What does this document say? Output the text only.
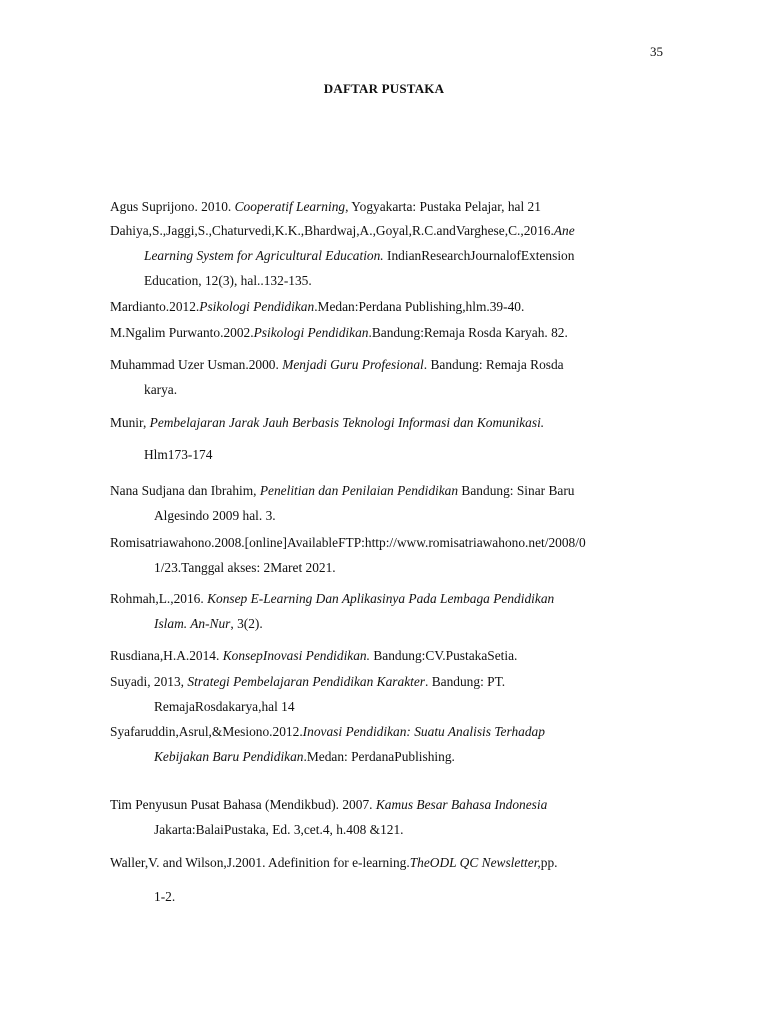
35
DAFTAR PUSTAKA
Agus Suprijono. 2010. Cooperatif Learning, Yogyakarta: Pustaka Pelajar, hal 21
Dahiya,S.,Jaggi,S.,Chaturvedi,K.K.,Bhardwaj,A.,Goyal,R.C.andVarghese,C.,2016.Ane
Learning System for Agricultural Education. IndianResearchJournalofExtension
Education, 12(3), hal..132-135.
Mardianto.2012.Psikologi Pendidikan.Medan:Perdana Publishing,hlm.39-40.
M.Ngalim Purwanto.2002.Psikologi Pendidikan.Bandung:Remaja Rosda Karyah. 82.
Muhammad Uzer Usman.2000. Menjadi Guru Profesional. Bandung: Remaja Rosda
karya.
Munir, Pembelajaran Jarak Jauh Berbasis Teknologi Informasi dan Komunikasi.
Hlm173-174
Nana Sudjana dan Ibrahim, Penelitian dan Penilaian Pendidikan Bandung: Sinar Baru
Algesindo 2009 hal. 3.
Romisatriawahono.2008.[online]AvailableFTP:http://www.romisatriawahono.net/2008/0
1/23.Tanggal akses: 2Maret 2021.
Rohmah,L.,2016. Konsep E-Learning Dan Aplikasinya Pada Lembaga Pendidikan
Islam. An-Nur, 3(2).
Rusdiana,H.A.2014. KonsepInovasi Pendidikan. Bandung:CV.PustakaSetia.
Suyadi, 2013, Strategi Pembelajaran Pendidikan Karakter. Bandung: PT.
RemajaRosdakarya,hal 14
Syafaruddin,Asrul,&Mesiono.2012.Inovasi Pendidikan: Suatu Analisis Terhadap
Kebijakan Baru Pendidikan.Medan: PerdanaPublishing.
Tim Penyusun Pusat Bahasa (Mendikbud). 2007. Kamus Besar Bahasa Indonesia
Jakarta:BalaiPustaka, Ed. 3,cet.4, h.408 &121.
Waller,V. and Wilson,J.2001. Adefinition for e-learning.TheODL QC Newsletter,pp.
1-2.
